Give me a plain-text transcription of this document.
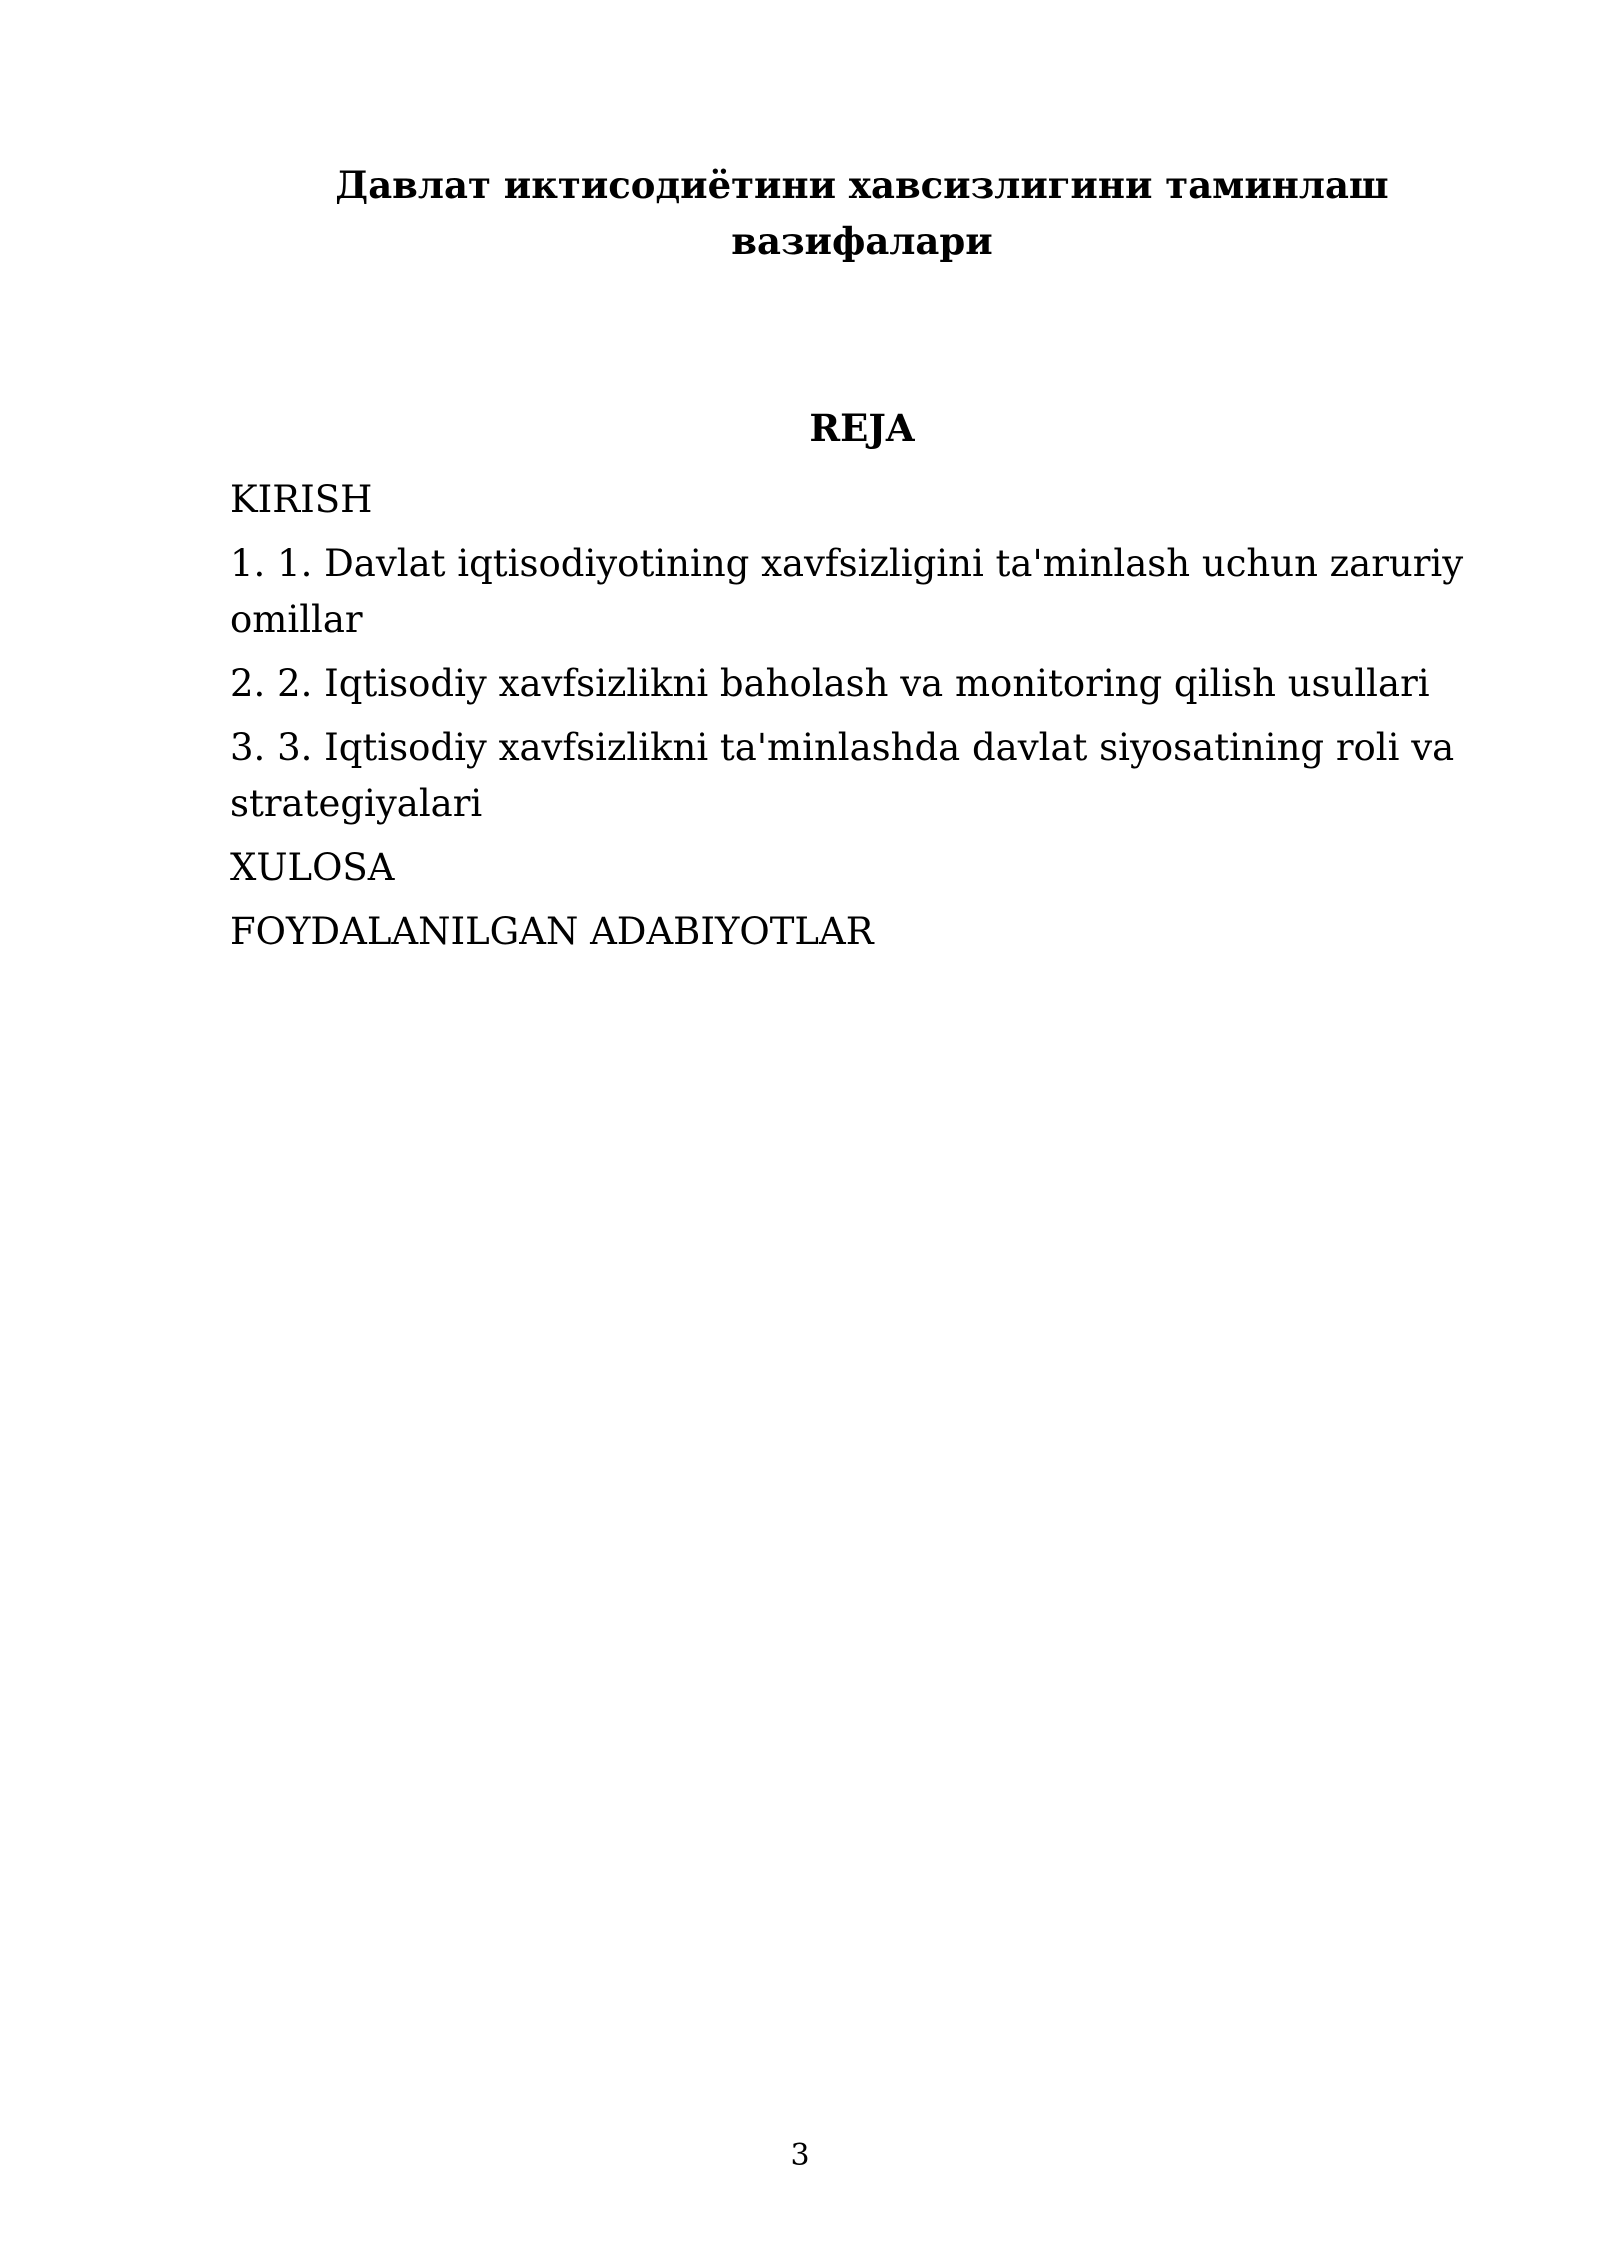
Давлат иктисодиётини хавсизлигини таминлаш вазифалари
REJA
KIRISH
1. 1. Davlat iqtisodiyotining xavfsizligini ta'minlash uchun zaruriy omillar
2. 2. Iqtisodiy xavfsizlikni baholash va monitoring qilish usullari
3. 3. Iqtisodiy xavfsizlikni ta'minlashda davlat siyosatining roli va strategiyalari
XULOSA
FOYDALANILGAN ADABIYOTLAR
3
